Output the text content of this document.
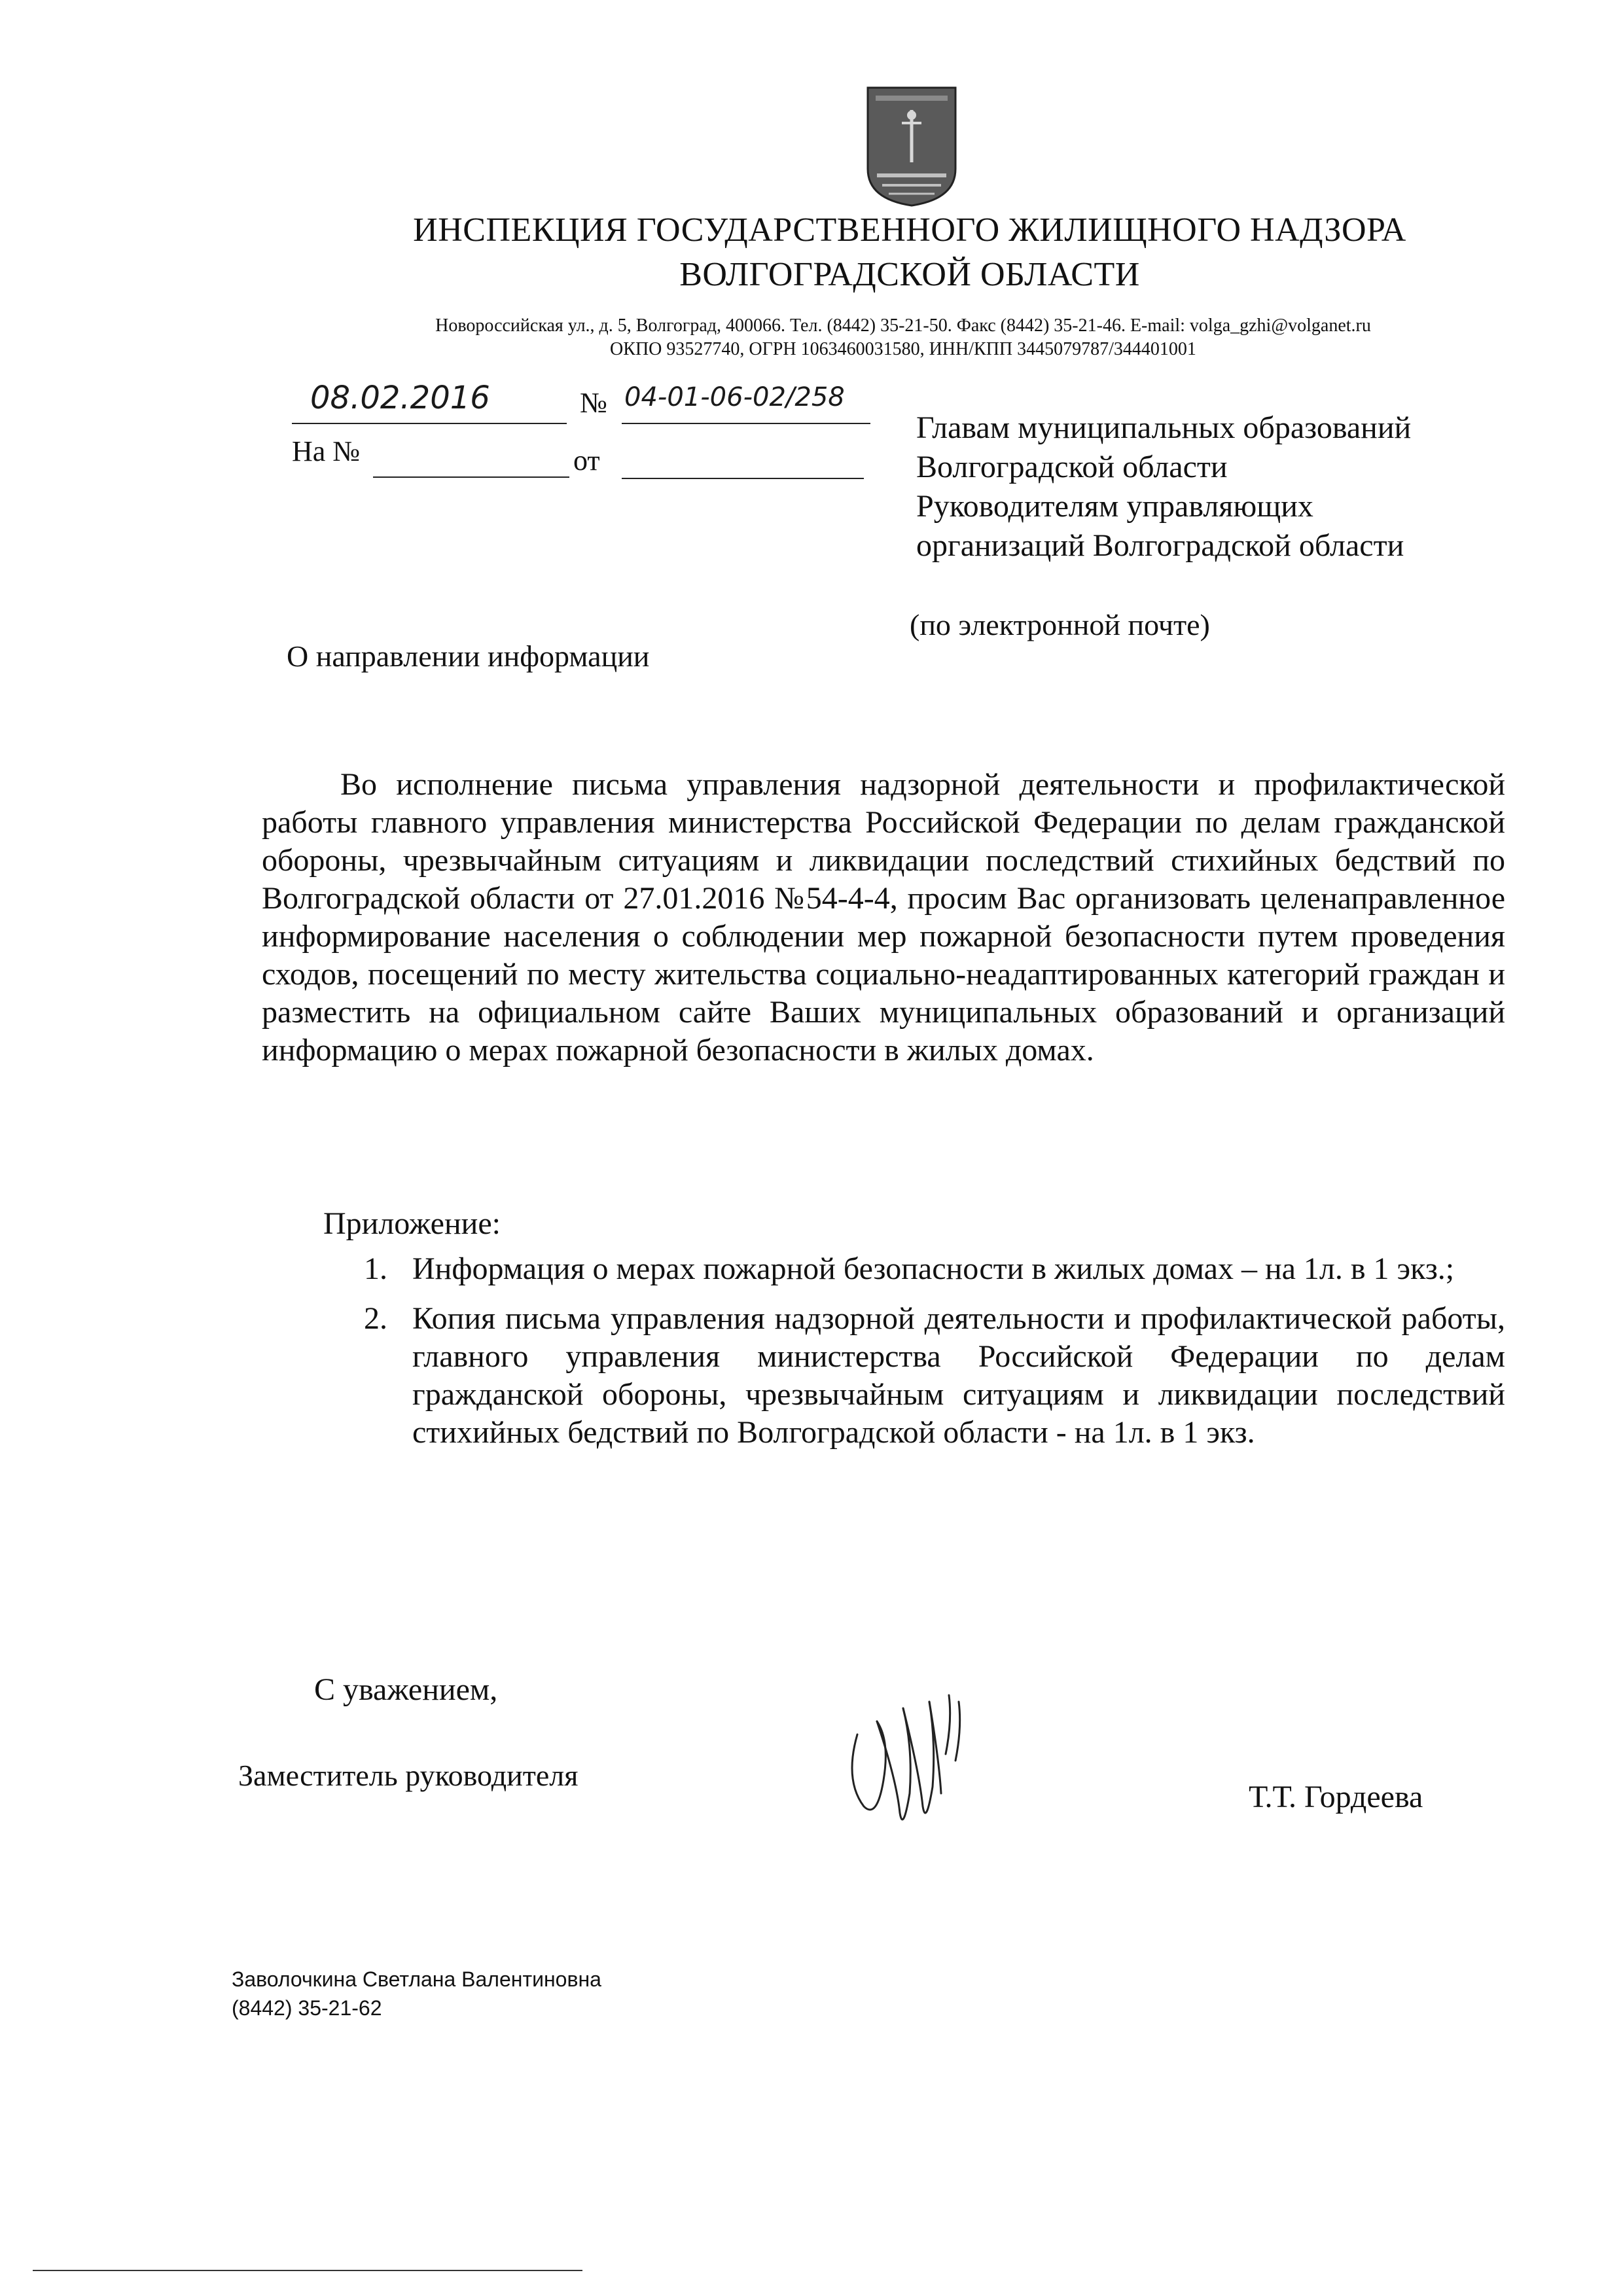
ИНСПЕКЦИЯ ГОСУДАРСТВЕННОГО ЖИЛИЩНОГО НАДЗОРА
ВОЛГОГРАДСКОЙ ОБЛАСТИ
Новороссийская ул., д. 5, Волгоград, 400066. Тел. (8442) 35-21-50. Факс (8442) 35-21-46. E-mail: volga_gzhi@volganet.ru
ОКПО 93527740, ОГРН 1063460031580, ИНН/КПП 3445079787/344401001
08.02.2016	№ 04-01-06-02/258
На №	от
Главам муниципальных образований
Волгоградской области
Руководителям управляющих
организаций Волгоградской области
(по электронной почте)
О направлении информации
Во исполнение письма управления надзорной деятельности и профилактической работы главного управления министерства Российской Федерации по делам гражданской обороны, чрезвычайным ситуациям и ликвидации последствий стихийных бедствий по Волгоградской области от 27.01.2016 №54-4-4, просим Вас организовать целенаправленное информирование населения о соблюдении мер пожарной безопасности путем проведения сходов, посещений по месту жительства социально-неадаптированных категорий граждан и разместить на официальном сайте Ваших муниципальных образований и организаций информацию о мерах пожарной безопасности в жилых домах.
Приложение:
1. Информация о мерах пожарной безопасности в жилых домах – на 1л. в 1 экз.;
2. Копия письма управления надзорной деятельности и профилактической работы, главного управления министерства Российской Федерации по делам гражданской обороны, чрезвычайным ситуациям и ликвидации последствий стихийных бедствий по Волгоградской области - на 1л. в 1 экз.
С уважением,
Заместитель руководителя
Т.Т. Гордеева
Заволочкина Светлана Валентиновна
(8442) 35-21-62
